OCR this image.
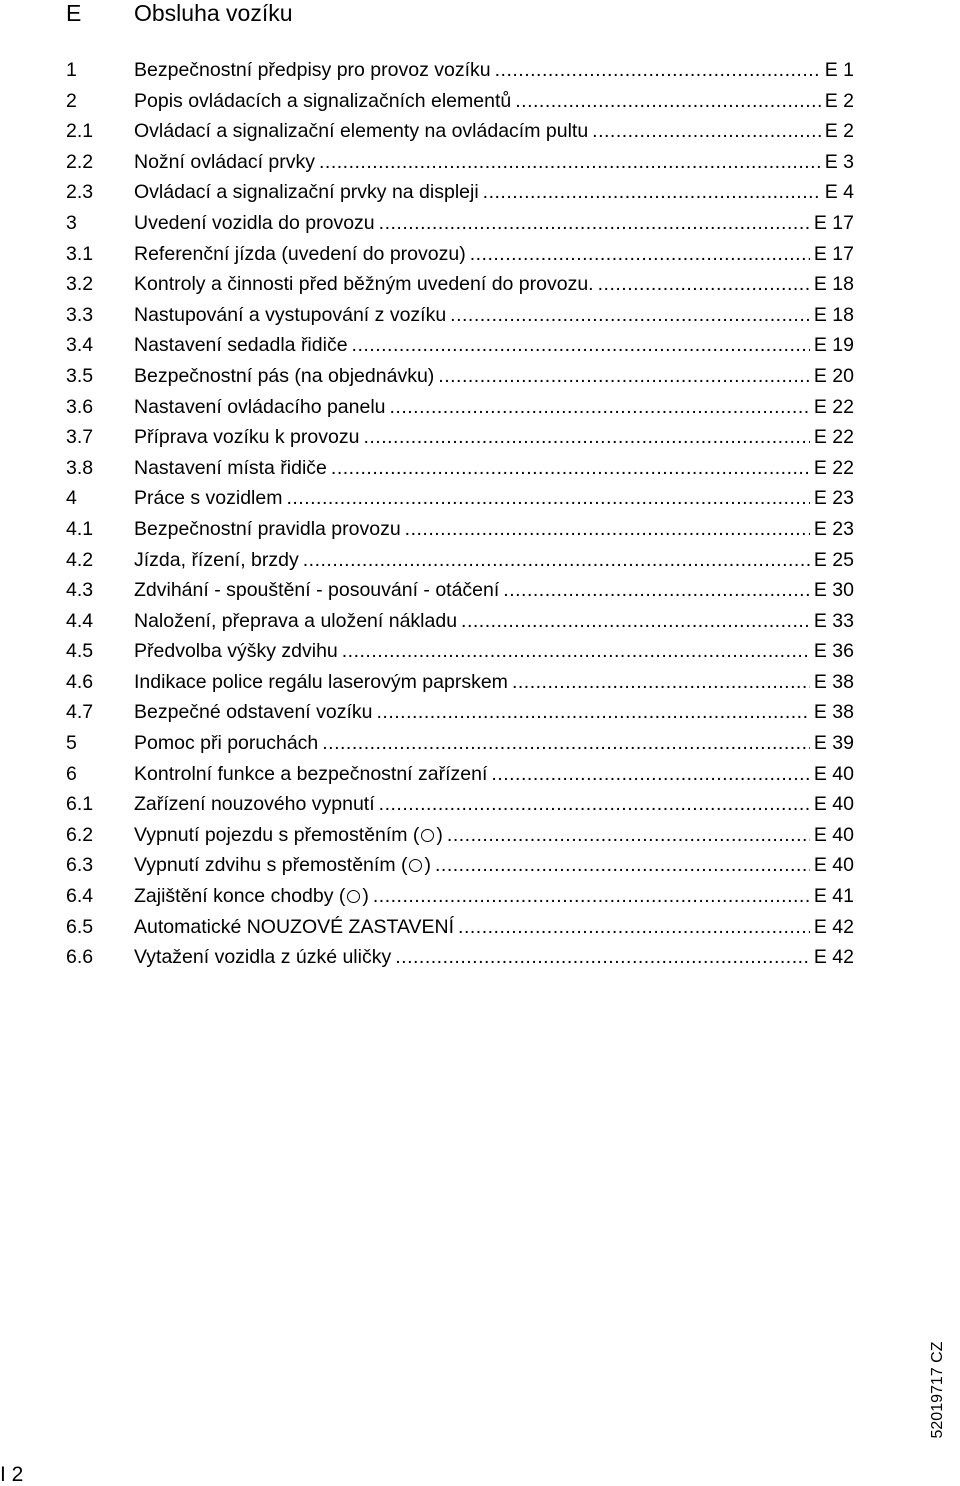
E Obsluha vozíku
1	Bezpečnostní předpisy pro provoz vozíku .....	E 1
2	Popis ovládacích a signalizačních elementů .....	E 2
2.1 Ovládací a signalizační elementy na ovládacím pultu .....	E 2
2.2 Nožní ovládací prvky .....	E 3
2.3 Ovládací a signalizační prvky na displeji .....	E 4
3	Uvedení vozidla do provozu .....	E 17
3.1 Referenční jízda (uvedení do provozu) .....	E 17
3.2 Kontroly a činnosti před běžným uvedení do provozu. .....	E 18
3.3 Nastupování a vystupování z vozíku .....	E 18
3.4 Nastavení sedadla řidiče .....	E 19
3.5 Bezpečnostní pás (na objednávku) .....	E 20
3.6 Nastavení ovládacího panelu .....	E 22
3.7 Příprava vozíku k provozu .....	E 22
3.8 Nastavení místa řidiče .....	E 22
4	Práce s vozidlem .....	E 23
4.1 Bezpečnostní pravidla provozu .....	E 23
4.2 Jízda, řízení, brzdy .....	E 25
4.3 Zdvihání - spouštění - posouvání - otáčení .....	E 30
4.4 Naložení, přeprava a uložení nákladu .....	E 33
4.5 Předvolba výšky zdvihu .....	E 36
4.6 Indikace police regálu laserovým paprskem .....	E 38
4.7 Bezpečné odstavení vozíku .....	E 38
5	Pomoc při poruchách .....	E 39
6	Kontrolní funkce a bezpečnostní zařízení .....	E 40
6.1 Zařízení nouzového vypnutí .....	E 40
6.2 Vypnutí pojezdu s přemostěním ( ) .....	E 40
6.3 Vypnutí zdvihu s přemostěním ( ) .....	E 40
6.4 Zajištění konce chodby ( ) .....	E 41
6.5 Automatické NOUZOVÉ ZASTAVENÍ .....	E 42
6.6 Vytažení vozidla z úzké uličky .....	E 42
52019717 CZ
I 2
